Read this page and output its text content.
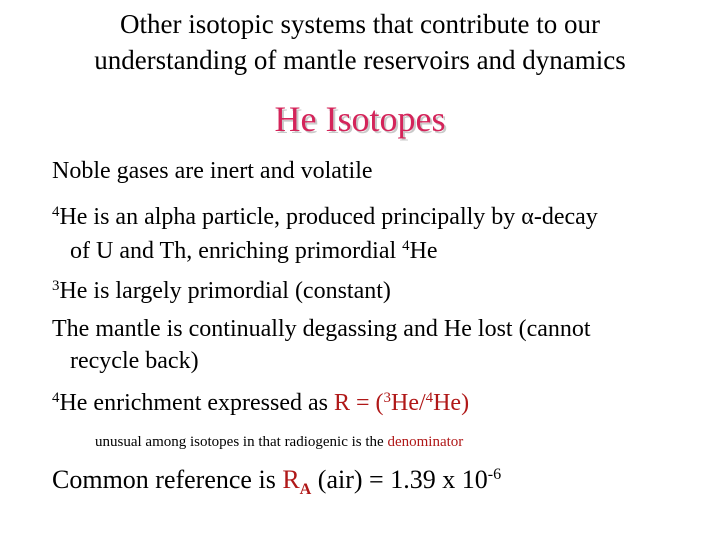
Other isotopic systems that contribute to our
understanding of mantle reservoirs and dynamics
He Isotopes
Noble gases are inert and volatile
$^4$He is an alpha particle, produced principally by α-decay
of U and Th, enriching primordial $^4$He
$^3$He is largely primordial (constant)
The mantle is continually degassing and He lost (cannot
recycle back)
$^4$He enrichment expressed as R = ($^3$He/$^4$He)
unusual among isotopes in that radiogenic is the denominator
Common reference is $R_A$ (air) = 1.39 x $10^{-6}$
